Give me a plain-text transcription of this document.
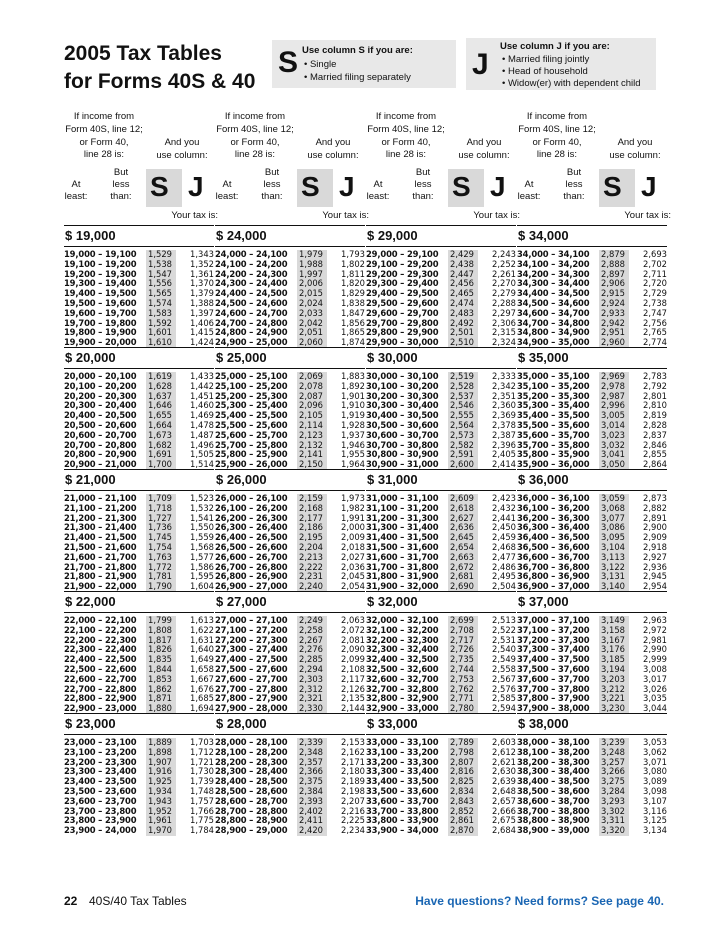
2005 Tax Tables
for Forms 40S & 40
S Use column S if you are:
• Single
• Married filing separately J
Use column J if you are:
• Married filing jointly
• Head of household
• Widow(er) with dependent child
If income from
Form 40S, line 12;
or Form 40,
line 28 is:
And you
use column:
At
least:
But
less
than: S J
Your tax is:
If income from
Form 40S, line 12;
or Form 40,
line 28 is:
And you
use column:
At
least:
But
less
than: S J
Your tax is:
If income from
Form 40S, line 12;
or Form 40,
line 28 is:
And you
use column:
At
least:
But
less
than: S J
Your tax is:
If income from
Form 40S, line 12;
or Form 40,
line 28 is:
And you
use column:
At
least:
But
less
than: S J
Your tax is:
$ 19,000
19,000 – 19,100 1,529	1,343
19,100 – 19,200 1,538	1,352
19,200 – 19,300 1,547	1,361
19,300 – 19,400 1,556	1,370
19,400 – 19,500 1,565	1,379
19,500 – 19,600 1,574	1,388
19,600 – 19,700 1,583	1,397
19,700 – 19,800 1,592	1,406
19,800 – 19,900 1,601	1,415
19,900 – 20,000 1,610	1,424
$ 24,000
24,000 – 24,100 1,979	1,793
24,100 – 24,200 1,988	1,802
24,200 – 24,300 1,997	1,811
24,300 – 24,400 2,006	1,820
24,400 – 24,500 2,015	1,829
24,500 – 24,600 2,024	1,838
24,600 – 24,700 2,033	1,847
24,700 – 24,800 2,042	1,856
24,800 – 24,900 2,051	1,865
24,900 – 25,000 2,060	1,874
$ 29,000
29,000 – 29,100 2,429	2,243
29,100 – 29,200 2,438	2,252
29,200 – 29,300 2,447	2,261
29,300 – 29,400 2,456	2,270
29,400 – 29,500 2,465	2,279
29,500 – 29,600 2,474	2,288
29,600 – 29,700 2,483	2,297
29,700 – 29,800 2,492	2,306
29,800 – 29,900 2,501	2,315
29,900 – 30,000 2,510	2,324
$ 34,000
34,000 – 34,100 2,879	2,693
34,100 – 34,200 2,888	2,702
34,200 – 34,300 2,897	2,711
34,300 – 34,400 2,906	2,720
34,400 – 34,500 2,915	2,729
34,500 – 34,600 2,924	2,738
34,600 – 34,700 2,933	2,747
34,700 – 34,800 2,942	2,756
34,800 – 34,900 2,951	2,765
34,900 – 35,000 2,960	2,774
$ 20,000
20,000 – 20,100 1,619	1,433
20,100 – 20,200 1,628	1,442
20,200 – 20,300 1,637	1,451
20,300 – 20,400 1,646	1,460
20,400 – 20,500 1,655	1,469
20,500 – 20,600 1,664	1,478
20,600 – 20,700 1,673	1,487
20,700 – 20,800 1,682	1,496
20,800 – 20,900 1,691	1,505
20,900 – 21,000 1,700	1,514
$ 25,000
25,000 – 25,100 2,069	1,883
25,100 – 25,200 2,078	1,892
25,200 – 25,300 2,087	1,901
25,300 – 25,400 2,096	1,910
25,400 – 25,500 2,105	1,919
25,500 – 25,600 2,114	1,928
25,600 – 25,700 2,123	1,937
25,700 – 25,800 2,132	1,946
25,800 – 25,900 2,141	1,955
25,900 – 26,000 2,150	1,964
$ 30,000
30,000 – 30,100 2,519	2,333
30,100 – 30,200 2,528	2,342
30,200 – 30,300 2,537	2,351
30,300 – 30,400 2,546	2,360
30,400 – 30,500 2,555	2,369
30,500 – 30,600 2,564	2,378
30,600 – 30,700 2,573	2,387
30,700 – 30,800 2,582	2,396
30,800 – 30,900 2,591	2,405
30,900 – 31,000 2,600	2,414
$ 35,000
35,000 – 35,100 2,969	2,783
35,100 – 35,200 2,978	2,792
35,200 – 35,300 2,987	2,801
35,300 – 35,400 2,996	2,810
35,400 – 35,500 3,005	2,819
35,500 – 35,600 3,014	2,828
35,600 – 35,700 3,023	2,837
35,700 – 35,800 3,032	2,846
35,800 – 35,900 3,041	2,855
35,900 – 36,000 3,050	2,864
$ 21,000
21,000 – 21,100 1,709	1,523
21,100 – 21,200 1,718	1,532
21,200 – 21,300 1,727	1,541
21,300 – 21,400 1,736	1,550
21,400 – 21,500 1,745	1,559
21,500 – 21,600 1,754	1,568
21,600 – 21,700 1,763	1,577
21,700 – 21,800 1,772	1,586
21,800 – 21,900 1,781	1,595
21,900 – 22,000 1,790	1,604
$ 26,000
26,000 – 26,100 2,159	1,973
26,100 – 26,200 2,168	1,982
26,200 – 26,300 2,177	1,991
26,300 – 26,400 2,186	2,000
26,400 – 26,500 2,195	2,009
26,500 – 26,600 2,204	2,018
26,600 – 26,700 2,213	2,027
26,700 – 26,800 2,222	2,036
26,800 – 26,900 2,231	2,045
26,900 – 27,000 2,240	2,054
$ 31,000
31,000 – 31,100 2,609	2,423
31,100 – 31,200 2,618	2,432
31,200 – 31,300 2,627	2,441
31,300 – 31,400 2,636	2,450
31,400 – 31,500 2,645	2,459
31,500 – 31,600 2,654	2,468
31,600 – 31,700 2,663	2,477
31,700 – 31,800 2,672	2,486
31,800 – 31,900 2,681	2,495
31,900 – 32,000 2,690	2,504
$ 36,000
36,000 – 36,100 3,059	2,873
36,100 – 36,200 3,068	2,882
36,200 – 36,300 3,077	2,891
36,300 – 36,400 3,086	2,900
36,400 – 36,500 3,095	2,909
36,500 – 36,600 3,104	2,918
36,600 – 36,700 3,113	2,927
36,700 – 36,800 3,122	2,936
36,800 – 36,900 3,131	2,945
36,900 – 37,000 3,140	2,954
$ 22,000
22,000 – 22,100 1,799	1,613
22,100 – 22,200 1,808	1,622
22,200 – 22,300 1,817	1,631
22,300 – 22,400 1,826	1,640
22,400 – 22,500 1,835	1,649
22,500 – 22,600 1,844	1,658
22,600 – 22,700 1,853	1,667
22,700 – 22,800 1,862	1,676
22,800 – 22,900 1,871	1,685
22,900 – 23,000 1,880	1,694
$ 27,000
27,000 – 27,100 2,249	2,063
27,100 – 27,200 2,258	2,072
27,200 – 27,300 2,267	2,081
27,300 – 27,400 2,276	2,090
27,400 – 27,500 2,285	2,099
27,500 – 27,600 2,294	2,108
27,600 – 27,700 2,303	2,117
27,700 – 27,800 2,312	2,126
27,800 – 27,900 2,321	2,135
27,900 – 28,000 2,330	2,144
$ 32,000
32,000 – 32,100 2,699	2,513
32,100 – 32,200 2,708	2,522
32,200 – 32,300 2,717	2,531
32,300 – 32,400 2,726	2,540
32,400 – 32,500 2,735	2,549
32,500 – 32,600 2,744	2,558
32,600 – 32,700 2,753	2,567
32,700 – 32,800 2,762	2,576
32,800 – 32,900 2,771	2,585
32,900 – 33,000 2,780	2,594
$ 37,000
37,000 – 37,100 3,149	2,963
37,100 – 37,200 3,158	2,972
37,200 – 37,300 3,167	2,981
37,300 – 37,400 3,176	2,990
37,400 – 37,500 3,185	2,999
37,500 – 37,600 3,194	3,008
37,600 – 37,700 3,203	3,017
37,700 – 37,800 3,212	3,026
37,800 – 37,900 3,221	3,035
37,900 – 38,000 3,230	3,044
$ 23,000
23,000 – 23,100 1,889	1,703
23,100 – 23,200 1,898	1,712
23,200 – 23,300 1,907	1,721
23,300 – 23,400 1,916	1,730
23,400 – 23,500 1,925	1,739
23,500 – 23,600 1,934	1,748
23,600 – 23,700 1,943	1,757
23,700 – 23,800 1,952	1,766
23,800 – 23,900 1,961	1,775
23,900 – 24,000 1,970	1,784
$ 28,000
28,000 – 28,100 2,339	2,153
28,100 – 28,200 2,348	2,162
28,200 – 28,300 2,357	2,171
28,300 – 28,400 2,366	2,180
28,400 – 28,500 2,375	2,189
28,500 – 28,600 2,384	2,198
28,600 – 28,700 2,393	2,207
28,700 – 28,800 2,402	2,216
28,800 – 28,900 2,411	2,225
28,900 – 29,000 2,420	2,234
$ 33,000
33,000 – 33,100 2,789	2,603
33,100 – 33,200 2,798	2,612
33,200 – 33,300 2,807	2,621
33,300 – 33,400 2,816	2,630
33,400 – 33,500 2,825	2,639
33,500 – 33,600 2,834	2,648
33,600 – 33,700 2,843	2,657
33,700 – 33,800 2,852	2,666
33,800 – 33,900 2,861	2,675
33,900 – 34,000 2,870	2,684
$ 38,000
38,000 – 38,100 3,239	3,053
38,100 – 38,200 3,248	3,062
38,200 – 38,300 3,257	3,071
38,300 – 38,400 3,266	3,080
38,400 – 38,500 3,275	3,089
38,500 – 38,600 3,284	3,098
38,600 – 38,700 3,293	3,107
38,700 – 38,800 3,302	3,116
38,800 – 38,900 3,311	3,125
38,900 – 39,000 3,320	3,134
22 40S/40 Tax Tables	Have questions? Need forms? See page 40.
